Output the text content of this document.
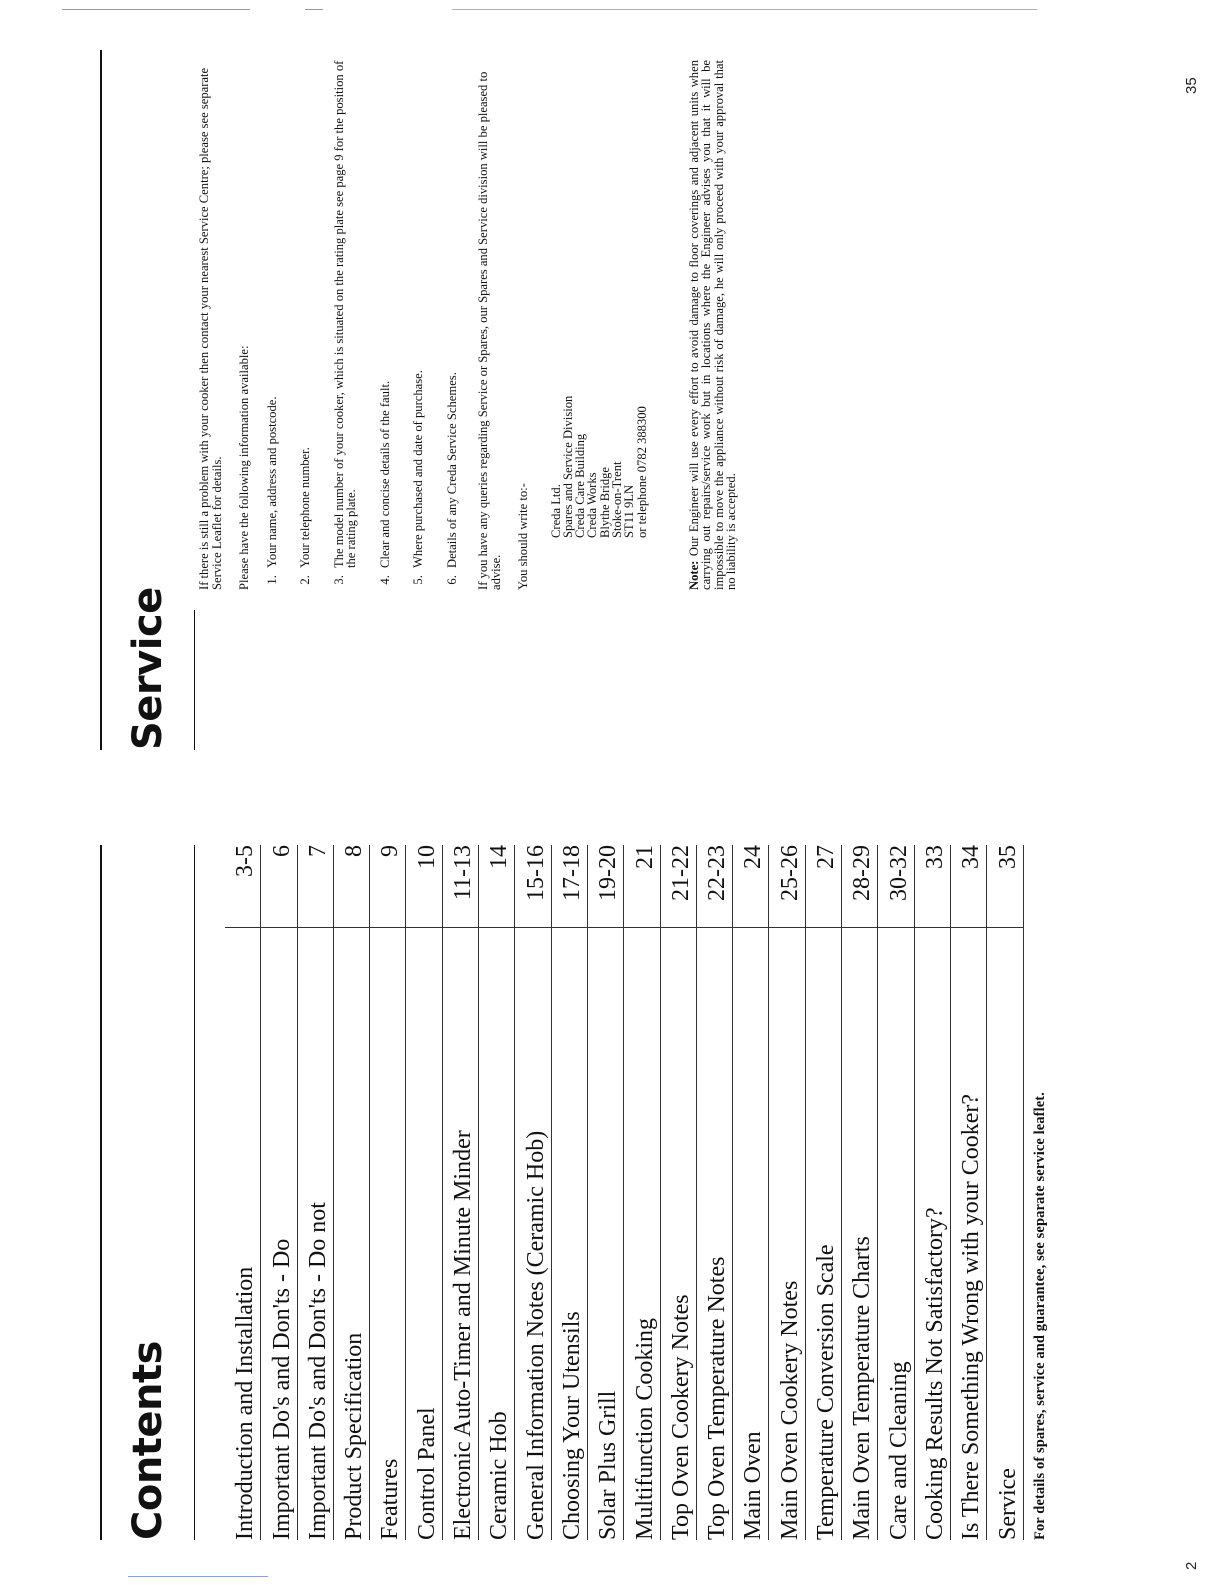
2
35
Contents	Introduction and Installation
3-5
Important Do's and Don'ts - Do
6
Important Do's and Don'ts - Do not
7
Product Specification
8
Features
9
Control Panel
10
Electronic Auto-Timer and Minute Minder
11-13
Ceramic Hob
14
General Information Notes (Ceramic Hob)
15-16
Choosing Your Utensils
17-18
Solar Plus Grill
19-20
Multifunction Cooking
21
Top Oven Cookery Notes
21-22
Top Oven Temperature Notes
22-23
Main Oven
24
Main Oven Cookery Notes
25-26
Temperature Conversion Scale
27
Main Oven Temperature Charts
28-29
Care and Cleaning
30-32
Cooking Results Not Satisfactory?
33
Is There Something Wrong with your Cooker?
34
Service
35
For details of spares, service and guarantee, see separate service leaflet.
Service

If there is still a problem with your cooker then contact your nearest Service Centre; please see separate Service Leaflet for details. Please have the following information available: 1. Your name, address and postcode. 2. Your telephone number. 3. The model number of your cooker, which is situated on the rating plate see page 9 for the position of the rating plate. 4. Clear and concise details of the fault. 5. Where purchased and date of purchase. 6. Details of any Creda Service Schemes. If you have any queries regarding Service or Spares, our Spares and Service division will be pleased to advise. You should write to:- Creda Ltd.
Spares and Service Division
Creda Care Building
Creda Works
Blythe Bridge
Stoke-on-Trent
ST11 9LN
or telephone 0782 388300

Note: Our Engineer will use every effort to avoid damage to floor coverings and adjacent units when carrying out repairs/service work but in locations where the Engineer advises you that it will be impossible to move the appliance without risk of damage, he will only proceed with your approval that no liability is accepted.
